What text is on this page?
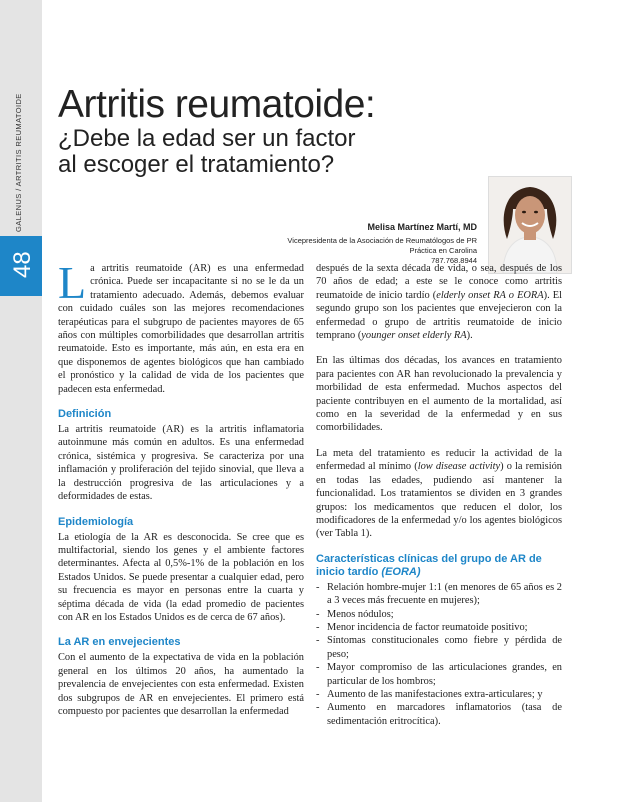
GALENUS / ARTRITIS REUMATOIDE
48
Artritis reumatoide:
¿Debe la edad ser un factor
al escoger el tratamiento?
Melisa Martínez Martí, MD
Vicepresidenta de la Asociación de Reumatólogos de PR
Práctica en Carolina
787.768.8944

La artritis reumatoide (AR) es una enfermedad crónica. Puede ser incapacitante si no se le da un tratamiento adecuado. Además, debemos evaluar con cuidado cuáles son las mejores recomendaciones terapéuticas para el subgrupo de pacientes mayores de 65 años con múltiples comorbilidades que desarrollan artritis reumatoide. Esto es importante, más aún, en esta era en que disponemos de agentes biológicos que han cambiado el pronóstico y la calidad de vida de los pacientes que padecen esta enfermedad.

Definición

La artritis reumatoide (AR) es la artritis inflamatoria autoinmune más común en adultos. Es una enfermedad crónica, sistémica y progresiva. Se caracteriza por una inflamación y proliferación del tejido sinovial, que lleva a la destrucción progresiva de las articulaciones y a deformidades de estas.

Epidemiología

La etiología de la AR es desconocida. Se cree que es multifactorial, siendo los genes y el ambiente factores determinantes. Afecta al 0,5%-1% de la población en los Estados Unidos. Se puede presentar a cualquier edad, pero su frecuencia es mayor en personas entre la cuarta y séptima década de vida (la edad promedio de pacientes con AR en los Estados Unidos es de cerca de 67 años).

La AR en envejecientes

Con el aumento de la expectativa de vida en la población general en los últimos 20 años, ha aumentado la prevalencia de envejecientes con esta enfermedad. Existen dos subgrupos de AR en envejecientes. El primero está compuesto por pacientes que desarrollan la enfermedad

después de la sexta década de vida, o sea, después de los 70 años de edad; a este se le conoce como artritis reumatoide de inicio tardío (elderly onset RA o EORA). El segundo grupo son los pacientes que envejecieron con la enfermedad o grupo de artritis reumatoide de inicio temprano (younger onset elderly RA).

En las últimas dos décadas, los avances en tratamiento para pacientes con AR han revolucionado la prevalencia y morbilidad de esta enfermedad. Muchos aspectos del paciente contribuyen en el aumento de la mortalidad, así como en la severidad de la enfermedad y en sus comorbilidades.

La meta del tratamiento es reducir la actividad de la enfermedad al mínimo (low disease activity) o la remisión en todas las edades, pudiendo así mantener la funcionalidad. Los tratamientos se dividen en 3 grandes grupos: los medicamentos que reducen el dolor, los modificadores de la enfermedad y/o los agentes biológicos (ver Tabla 1).

Características clínicas del grupo de AR de inicio tardío (EORA)
- Relación hombre-mujer 1:1 (en menores de 65 años es 2 a 3 veces más frecuente en mujeres);
- Menos nódulos;
- Menor incidencia de factor reumatoide positivo;
- Síntomas constitucionales como fiebre y pérdida de peso;
- Mayor compromiso de las articulaciones grandes, en particular de los hombros;
- Aumento de las manifestaciones extra-articulares; y
- Aumento en marcadores inflamatorios (tasa de sedimentación eritrocítica).
